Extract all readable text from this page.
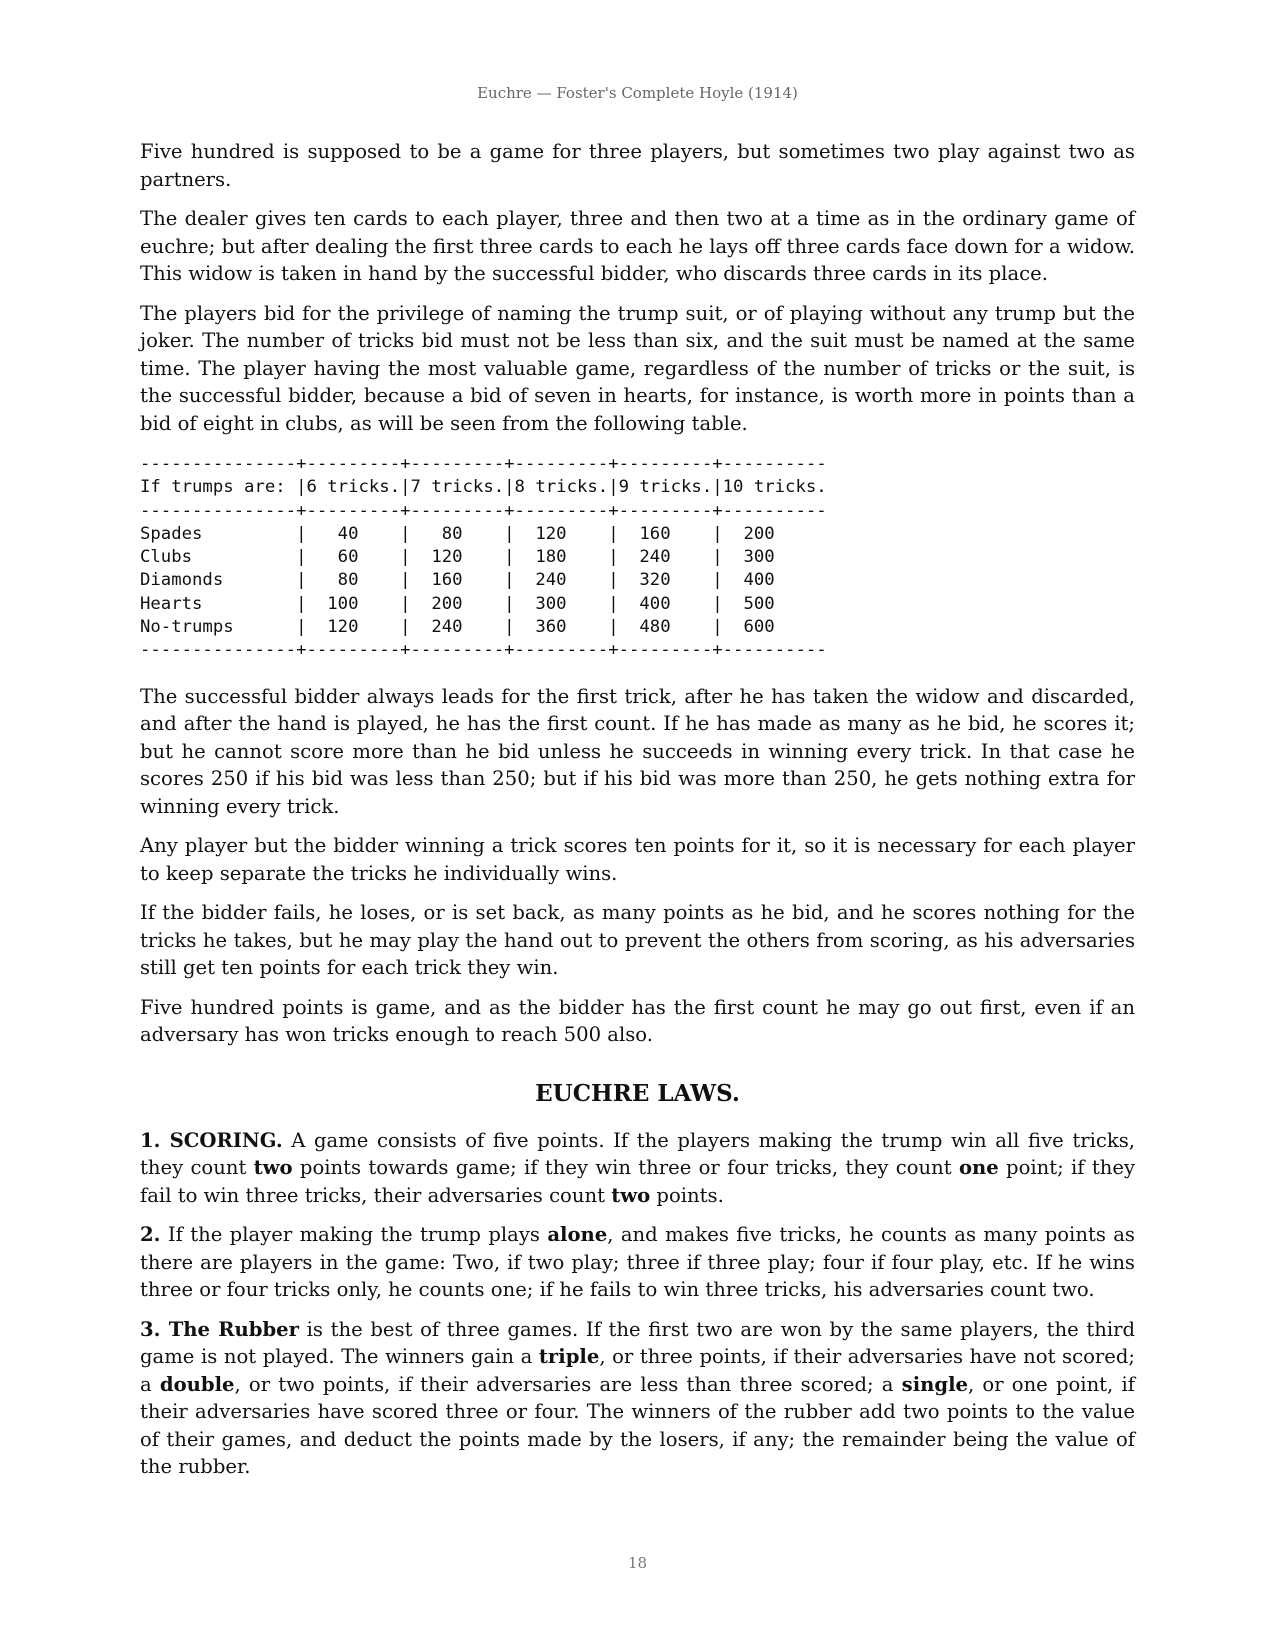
Euchre — Foster's Complete Hoyle (1914)

Five hundred is supposed to be a game for three players, but sometimes two play against two as partners.

The dealer gives ten cards to each player, three and then two at a time as in the ordinary game of euchre; but after dealing the first three cards to each he lays off three cards face down for a widow. This widow is taken in hand by the successful bidder, who discards three cards in its place.

The players bid for the privilege of naming the trump suit, or of playing without any trump but the joker. The number of tricks bid must not be less than six, and the suit must be named at the same time. The player having the most valuable game, regardless of the number of tricks or the suit, is the successful bidder, because a bid of seven in hearts, for instance, is worth more in points than a bid of eight in clubs, as will be seen from the following table.

---------------+---------+---------+---------+---------+----------
If trumps are: |6 tricks.|7 tricks.|8 tricks.|9 tricks.|10 tricks.
---------------+---------+---------+---------+---------+----------
Spades         |   40    |   80    |  120    |  160    |  200
Clubs          |   60    |  120    |  180    |  240    |  300
Diamonds       |   80    |  160    |  240    |  320    |  400
Hearts         |  100    |  200    |  300    |  400    |  500
No-trumps      |  120    |  240    |  360    |  480    |  600
---------------+---------+---------+---------+---------+----------

The successful bidder always leads for the first trick, after he has taken the widow and discarded, and after the hand is played, he has the first count. If he has made as many as he bid, he scores it; but he cannot score more than he bid unless he succeeds in winning every trick. In that case he scores 250 if his bid was less than 250; but if his bid was more than 250, he gets nothing extra for winning every trick.

Any player but the bidder winning a trick scores ten points for it, so it is necessary for each player to keep separate the tricks he individually wins.

If the bidder fails, he loses, or is set back, as many points as he bid, and he scores nothing for the tricks he takes, but he may play the hand out to prevent the others from scoring, as his adversaries still get ten points for each trick they win.

Five hundred points is game, and as the bidder has the first count he may go out first, even if an adversary has won tricks enough to reach 500 also.

EUCHRE LAWS.

1. SCORING. A game consists of five points. If the players making the trump win all five tricks, they count two points towards game; if they win three or four tricks, they count one point; if they fail to win three tricks, their adversaries count two points.

2. If the player making the trump plays alone, and makes five tricks, he counts as many points as there are players in the game: Two, if two play; three if three play; four if four play, etc. If he wins three or four tricks only, he counts one; if he fails to win three tricks, his adversaries count two.

3. The Rubber is the best of three games. If the first two are won by the same players, the third game is not played. The winners gain a triple, or three points, if their adversaries have not scored; a double, or two points, if their adversaries are less than three scored; a single, or one point, if their adversaries have scored three or four. The winners of the rubber add two points to the value of their games, and deduct the points made by the losers, if any; the remainder being the value of the rubber.

18
